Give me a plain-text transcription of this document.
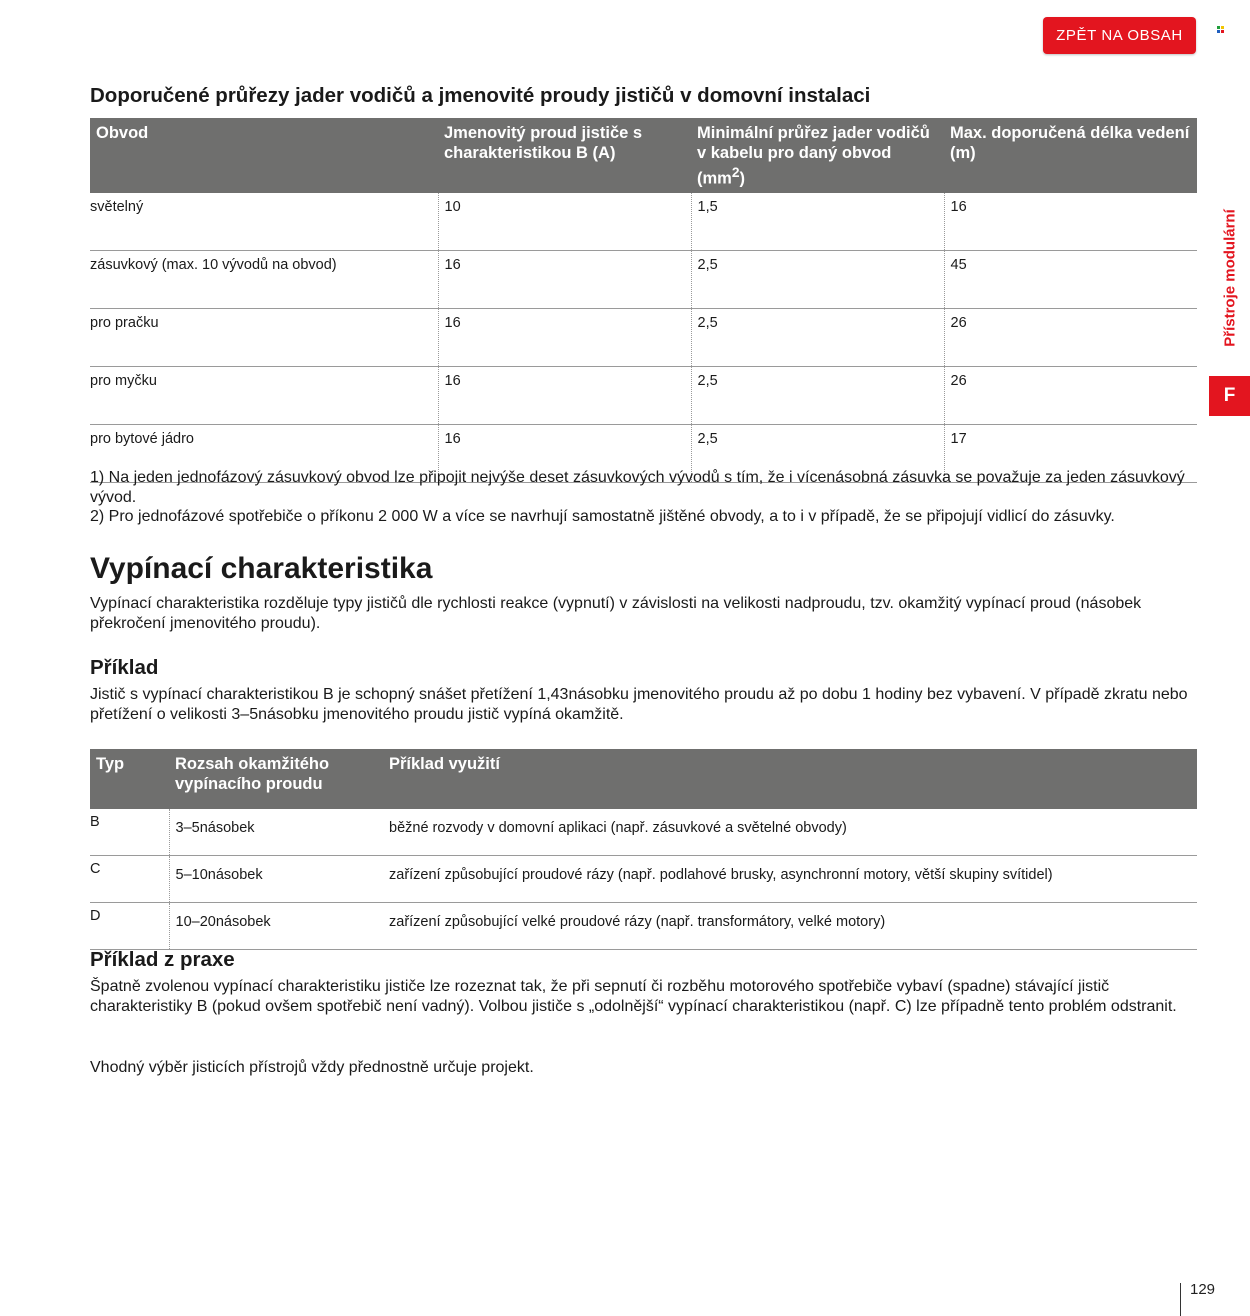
ZPĚT NA OBSAH
Přístroje modulární
F
Doporučené průřezy jader vodičů a jmenovité proudy jističů v domovní instalaci
Obvod	Jmenovitý proud jističe s charakteristikou B (A)	Minimální průřez jader vodičů v kabelu pro daný obvod $(mm^2)$	Max. doporučená délka vedení (m)
světelný	10	1,5	16
zásuvkový (max. 10 vývodů na obvod)	16	2,5	45
pro pračku	16	2,5	26
pro myčku	16	2,5	26
pro bytové jádro	16	2,5	17
1) Na jeden jednofázový zásuvkový obvod lze připojit nejvýše deset zásuvkových vývodů s tím, že i vícenásobná zásuvka se považuje za jeden zásuvkový vývod.
2) Pro jednofázové spotřebiče o příkonu 2 000 W a více se navrhují samostatně jištěné obvody, a to i v případě, že se připojují vidlicí do zásuvky.
Vypínací charakteristika

Vypínací charakteristika rozděluje typy jističů dle rychlosti reakce (vypnutí) v závislosti na velikosti nadproudu, tzv. okamžitý vypínací proud (násobek překročení jmenovitého proudu).

Příklad

Jistič s vypínací charakteristikou B je schopný snášet přetížení 1,43násobku jmenovitého proudu až po dobu 1 hodiny bez vybavení. V případě zkratu nebo přetížení o velikosti 3–5násobku jmenovitého proudu jistič vypíná okamžitě.

Typ	Rozsah okamžitého vypínacího proudu	Příklad využití
B	3–5násobek	běžné rozvody v domovní aplikaci (např. zásuvkové a světelné obvody)
C	5–10násobek	zařízení způsobující proudové rázy (např. podlahové brusky, asynchronní motory, větší skupiny svítidel)
D	10–20násobek	zařízení způsobující velké proudové rázy (např. transformátory, velké motory)
Příklad z praxe

Špatně zvolenou vypínací charakteristiku jističe lze rozeznat tak, že při sepnutí či rozběhu motorového spotřebiče vybaví (spadne) stávající jistič charakteristiky B (pokud ovšem spotřebič není vadný). Volbou jističe s „odolnější“ vypínací charakteristikou (např. C) lze případně tento problém odstranit.

Vhodný výběr jisticích přístrojů vždy přednostně určuje projekt.

129
